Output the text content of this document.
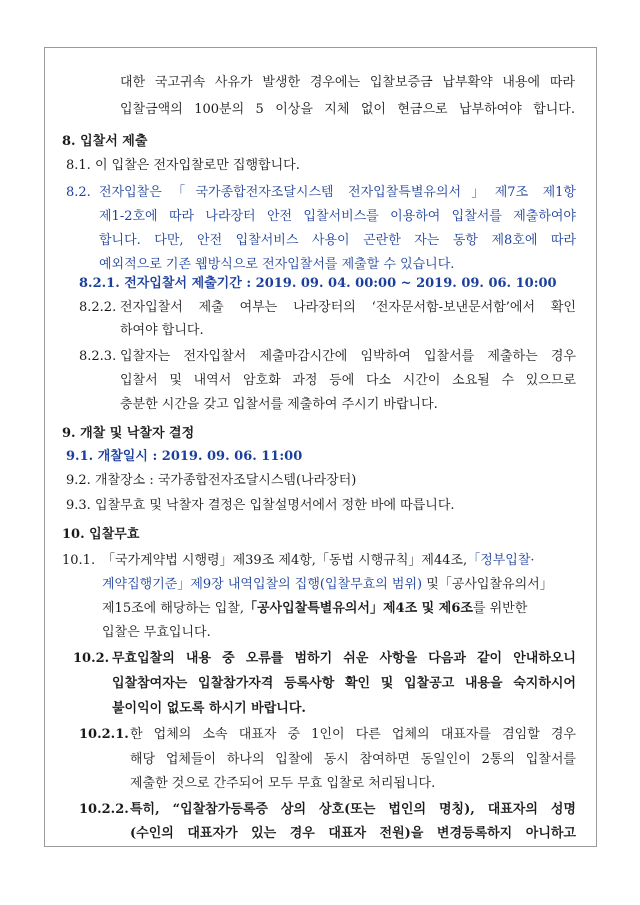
대한 국고귀속 사유가 발생한 경우에는 입찰보증금 납부확약 내용에 따라
입찰금액의 100분의 5 이상을 지체 없이 현금으로 납부하여야 합니다.
8. 입찰서 제출
8.1. 이 입찰은 전자입찰로만 집행합니다.
8.2. 전자입찰은「국가종합전자조달시스템 전자입찰특별유의서」제7조 제1항
제1-2호에 따라 나라장터 안전 입찰서비스를 이용하여 입찰서를 제출하여야
합니다. 다만, 안전 입찰서비스 사용이 곤란한 자는 동항 제8호에 따라
예외적으로 기존 웹방식으로 전자입찰서를 제출할 수 있습니다.
8.2.1. 전자입찰서 제출기간 : 2019. 09. 04. 00:00 ~ 2019. 09. 06. 10:00
8.2.2. 전자입찰서 제출 여부는 나라장터의 ‘전자문서함-보낸문서함’에서 확인
하여야 합니다.
8.2.3. 입찰자는 전자입찰서 제출마감시간에 임박하여 입찰서를 제출하는 경우
입찰서 및 내역서 암호화 과정 등에 다소 시간이 소요될 수 있으므로
충분한 시간을 갖고 입찰서를 제출하여 주시기 바랍니다.
9. 개찰 및 낙찰자 결정
9.1. 개찰일시 : 2019. 09. 06. 11:00
9.2. 개찰장소 : 국가종합전자조달시스템(나라장터)
9.3. 입찰무효 및 낙찰자 결정은 입찰설명서에서 정한 바에 따릅니다.
10. 입찰무효
10.1. 「국가계약법 시행령」제39조 제4항,「동법 시행규칙」제44조,「정부입찰·
계약집행기준」제9장 내역입찰의 집행(입찰무효의 범위) 및「공사입찰유의서」
제15조에 해당하는 입찰,「공사입찰특별유의서」제4조 및 제6조를 위반한
입찰은 무효입니다.
10.2. 무효입찰의 내용 중 오류를 범하기 쉬운 사항을 다음과 같이 안내하오니
입찰참여자는 입찰참가자격 등록사항 확인 및 입찰공고 내용을 숙지하시어
불이익이 없도록 하시기 바랍니다.
10.2.1. 한 업체의 소속 대표자 중 1인이 다른 업체의 대표자를 겸임할 경우
해당 업체들이 하나의 입찰에 동시 참여하면 동일인이 2통의 입찰서를
제출한 것으로 간주되어 모두 무효 입찰로 처리됩니다.
10.2.2. 특히, “입찰참가등록증 상의 상호(또는 법인의 명칭), 대표자의 성명
(수인의 대표자가 있는 경우 대표자 전원)을 변경등록하지 아니하고
